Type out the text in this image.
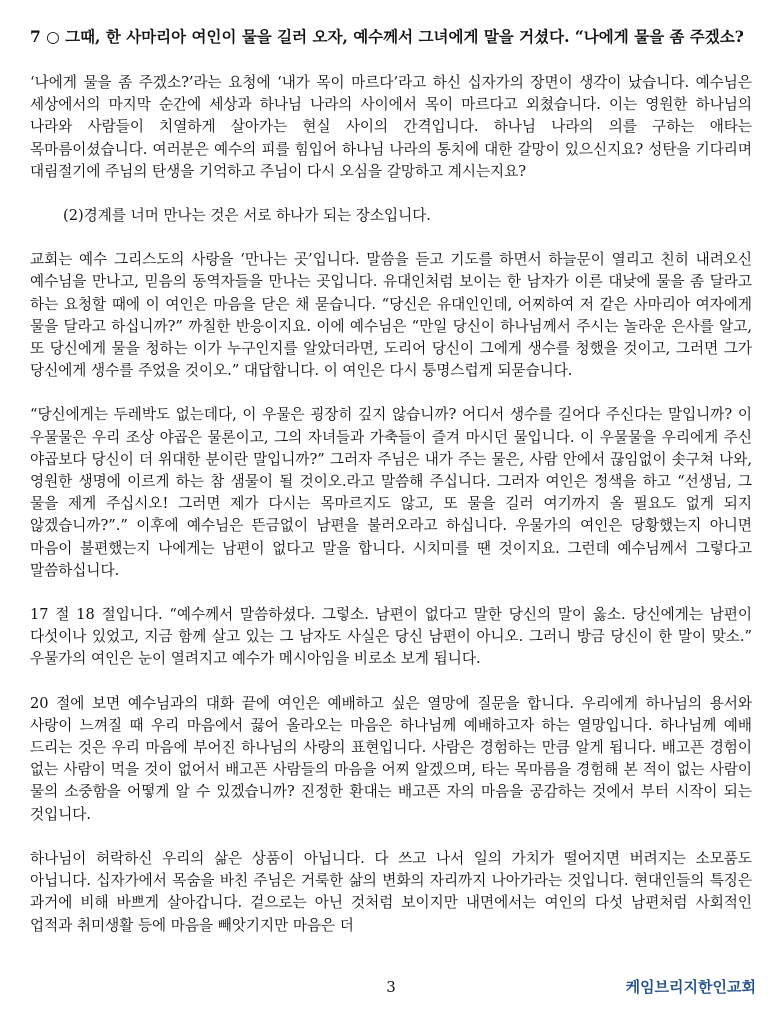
7 ○ 그때, 한 사마리아 여인이 물을 길러 오자, 예수께서 그녀에게 말을 거셨다. “나에게 물을 좀 주겠소?

‘나에게 물을 좀 주겠소?’라는 요청에 ‘내가 목이 마르다’라고 하신 십자가의 장면이 생각이 났습니다. 예수님은 세상에서의 마지막 순간에 세상과 하나님 나라의 사이에서 목이 마르다고 외쳤습니다. 이는 영원한 하나님의 나라와 사람들이 치열하게 살아가는 현실 사이의 간격입니다. 하나님 나라의 의를 구하는 애타는 목마름이셨습니다. 여러분은 예수의 피를 힘입어 하나님 나라의 통치에 대한 갈망이 있으신지요? 성탄을 기다리며 대림절기에 주님의 탄생을 기억하고 주님이 다시 오심을 갈망하고 계시는지요?

(2)경계를 너머 만나는 것은 서로 하나가 되는 장소입니다.

교회는 예수 그리스도의 사랑을 ‘만나는 곳’입니다. 말씀을 듣고 기도를 하면서 하늘문이 열리고 친히 내려오신 예수님을 만나고, 믿음의 동역자들을 만나는 곳입니다. 유대인처럼 보이는 한 남자가 이른 대낮에 물을 좀 달라고 하는 요청할 때에 이 여인은 마음을 닫은 채 묻습니다. “당신은 유대인인데, 어찌하여 저 같은 사마리아 여자에게 물을 달라고 하십니까?” 까칠한 반응이지요. 이에 예수님은 “만일 당신이 하나님께서 주시는 놀라운 은사를 알고, 또 당신에게 물을 청하는 이가 누구인지를 알았더라면, 도리어 당신이 그에게 생수를 청했을 것이고, 그러면 그가 당신에게 생수를 주었을 것이오.” 대답합니다. 이 여인은 다시 퉁명스럽게 되묻습니다.

“당신에게는 두레박도 없는데다, 이 우물은 굉장히 깊지 않습니까? 어디서 생수를 길어다 주신다는 말입니까? 이 우물물은 우리 조상 야곱은 물론이고, 그의 자녀들과 가축들이 즐겨 마시던 물입니다. 이 우물물을 우리에게 주신 야곱보다 당신이 더 위대한 분이란 말입니까?” 그러자 주님은 내가 주는 물은, 사람 안에서 끊임없이 솟구쳐 나와, 영원한 생명에 이르게 하는 참 샘물이 될 것이오.라고 말씀해 주십니다. 그러자 여인은 정색을 하고 “선생님, 그 물을 제게 주십시오! 그러면 제가 다시는 목마르지도 않고, 또 물을 길러 여기까지 올 필요도 없게 되지 않겠습니까?”.” 이후에 예수님은 뜬금없이 남편을 불러오라고 하십니다. 우물가의 여인은 당황했는지 아니면 마음이 불편했는지 나에게는 남편이 없다고 말을 합니다. 시치미를 땐 것이지요. 그런데 예수님께서 그렇다고 말씀하십니다.

17 절 18 절입니다. “예수께서 말씀하셨다. 그렇소. 남편이 없다고 말한 당신의 말이 옳소. 당신에게는 남편이 다섯이나 있었고, 지금 함께 살고 있는 그 남자도 사실은 당신 남편이 아니오. 그러니 방금 당신이 한 말이 맞소.” 우물가의 여인은 눈이 열려지고 예수가 메시아임을 비로소 보게 됩니다.

20 절에 보면 예수님과의 대화 끝에 여인은 예배하고 싶은 열망에 질문을 합니다. 우리에게 하나님의 용서와 사랑이 느껴질 때 우리 마음에서 끓어 올라오는 마음은 하나님께 예배하고자 하는 열망입니다. 하나님께 예배 드리는 것은 우리 마음에 부어진 하나님의 사랑의 표현입니다. 사람은 경험하는 만큼 알게 됩니다. 배고픈 경험이 없는 사람이 먹을 것이 없어서 배고픈 사람들의 마음을 어찌 알겠으며, 타는 목마름을 경험해 본 적이 없는 사람이 물의 소중함을 어떻게 알 수 있겠습니까? 진정한 환대는 배고픈 자의 마음을 공감하는 것에서 부터 시작이 되는 것입니다.

하나님이 허락하신 우리의 삶은 상품이 아닙니다. 다 쓰고 나서 일의 가치가 떨어지면 버려지는 소모품도 아닙니다. 십자가에서 목숨을 바친 주님은 거룩한 삶의 변화의 자리까지 나아가라는 것입니다. 현대인들의 특징은 과거에 비해 바쁘게 살아갑니다. 겉으로는 아닌 것처럼 보이지만 내면에서는 여인의 다섯 남편처럼 사회적인 업적과 취미생활 등에 마음을 빼앗기지만 마음은 더

3	케임브리지한인교회
